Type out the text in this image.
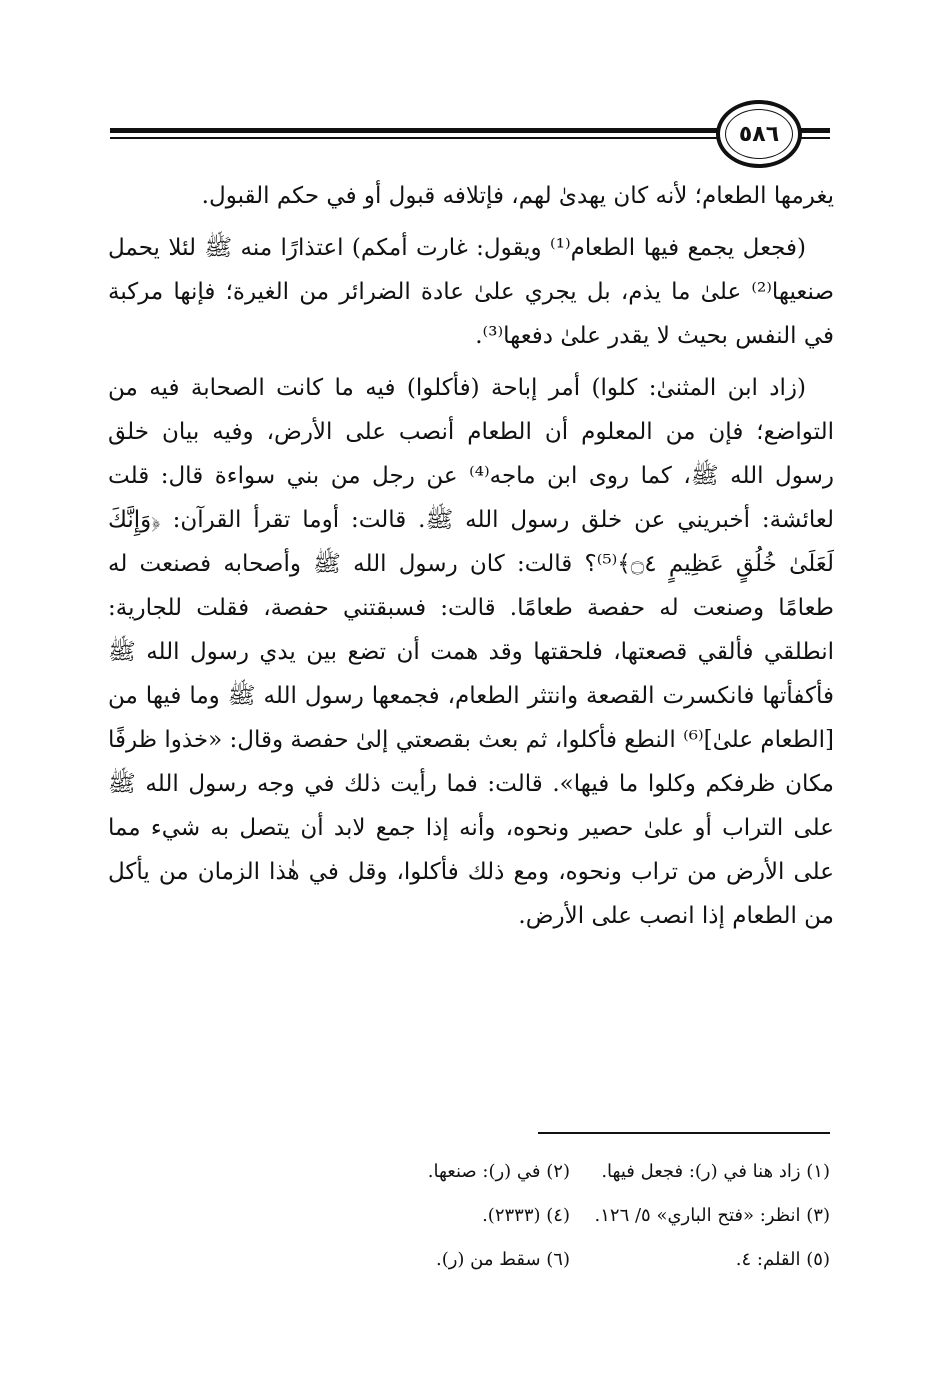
٥٨٦

يغرمها الطعام؛ لأنه كان يهدىٰ لهم، فإتلافه قبول أو في حكم القبول.

(فجعل يجمع فيها الطعام⁽¹⁾ ويقول: غارت أمكم) اعتذارًا منه ﷺ لئلا يحمل صنعيها⁽²⁾ علىٰ ما يذم، بل يجري علىٰ عادة الضرائر من الغيرة؛ فإنها مركبة في النفس بحيث لا يقدر علىٰ دفعها⁽³⁾.

(زاد ابن المثنىٰ: كلوا) أمر إباحة (فأكلوا) فيه ما كانت الصحابة فيه من التواضع؛ فإن من المعلوم أن الطعام أنصب على الأرض، وفيه بيان خلق رسول الله ﷺ، كما روى ابن ماجه⁽⁴⁾ عن رجل من بني سواءة قال: قلت لعائشة: أخبريني عن خلق رسول الله ﷺ. قالت: أوما تقرأ القرآن: ﴿وَإِنَّكَ لَعَلَىٰ خُلُقٍ عَظِيمٍ ۝٤﴾⁽⁵⁾؟ قالت: كان رسول الله ﷺ وأصحابه فصنعت له طعامًا وصنعت له حفصة طعامًا. قالت: فسبقتني حفصة، فقلت للجارية: انطلقي فألقي قصعتها، فلحقتها وقد همت أن تضع بين يدي رسول الله ﷺ فأكفأتها فانكسرت القصعة وانتثر الطعام، فجمعها رسول الله ﷺ وما فيها من [الطعام علىٰ]⁽⁶⁾ النطع فأكلوا، ثم بعث بقصعتي إلىٰ حفصة وقال: «خذوا ظرفًا مكان ظرفكم وكلوا ما فيها». قالت: فما رأيت ذلك في وجه رسول الله ﷺ على التراب أو علىٰ حصير ونحوه، وأنه إذا جمع لابد أن يتصل به شيء مما على الأرض من تراب ونحوه، ومع ذلك فأكلوا، وقل في هٰذا الزمان من يأكل من الطعام إذا انصب على الأرض.

(١) زاد هنا في (ر): فجعل فيها.
(٢) في (ر): صنعها.
(٣) انظر: «فتح الباري» ٥/ ١٢٦.
(٤) (٢٣٣٣).
(٥) القلم: ٤.
(٦) سقط من (ر).
